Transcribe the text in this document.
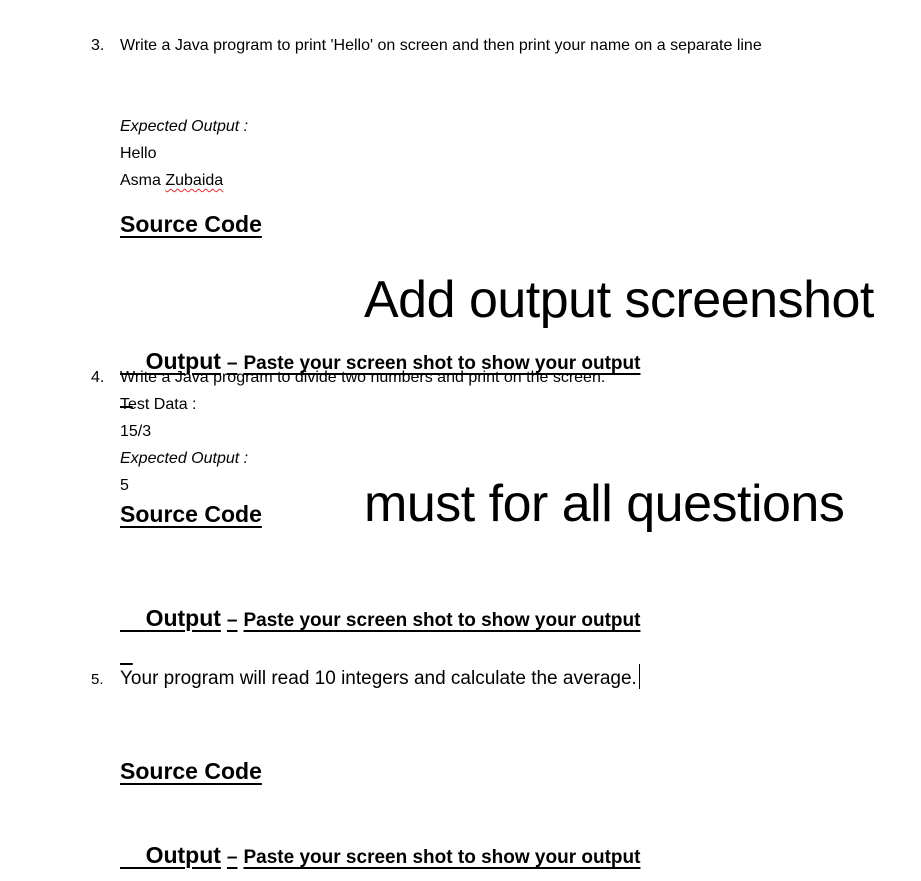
3. Write a Java program to print 'Hello' on screen and then print your name on a separate line
Expected Output :
Hello
Asma Zubaida
Source Code

Add output screenshot

must for all questions

Output – Paste your screen shot to show your output

4. Write a Java program to divide two numbers and print on the screen.
Test Data :
15/3
Expected Output :
5
Source Code

Output – Paste your screen shot to show your output

5. Your program will read 10 integers and calculate the average.
Source Code

Output – Paste your screen shot to show your output
